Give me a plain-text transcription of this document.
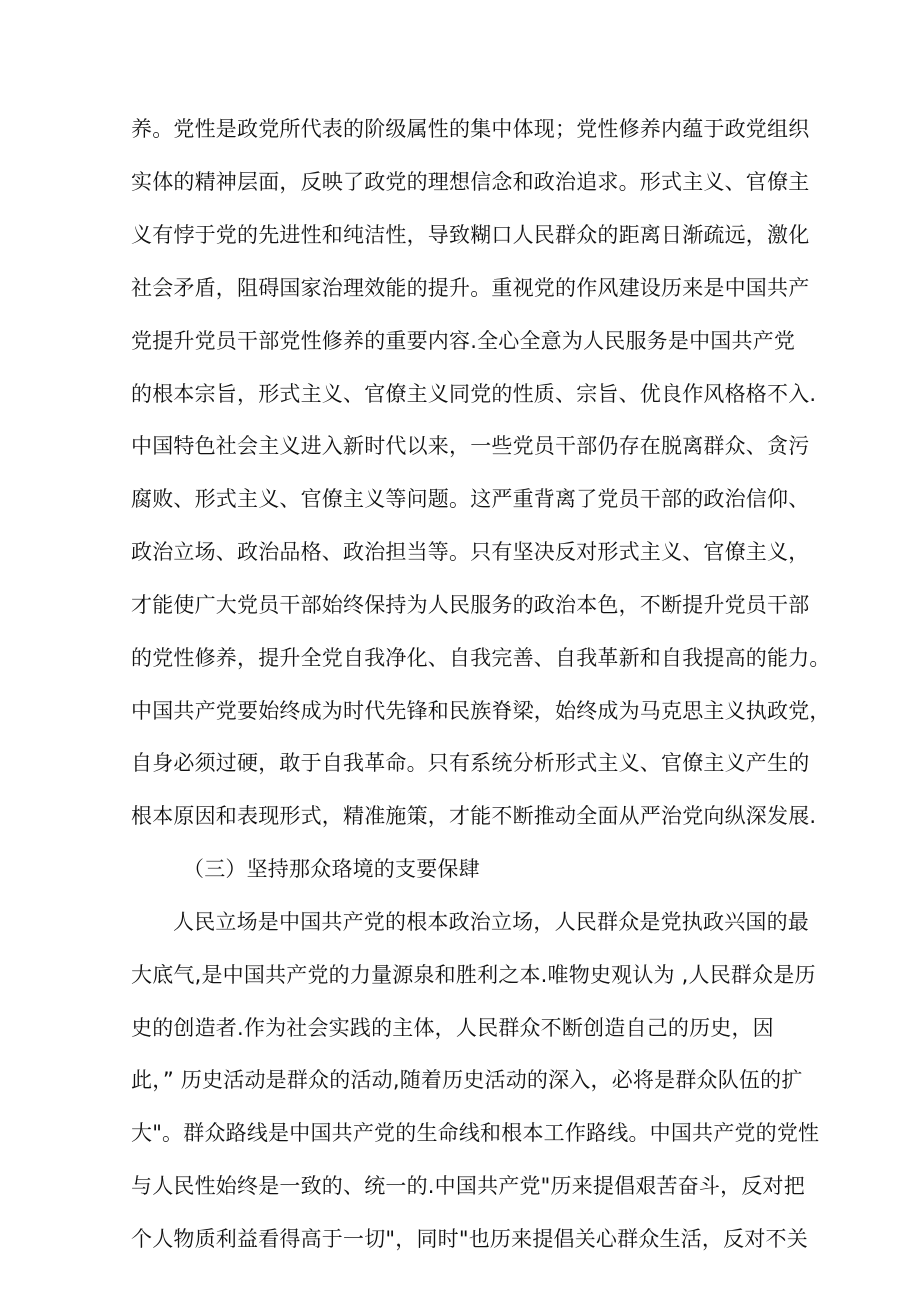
养。党性是政党所代表的阶级属性的集中体现；党性修养内蕴于政党组织
实体的精神层面，反映了政党的理想信念和政治追求。形式主义、官僚主
义有悖于党的先进性和纯洁性，导致糊口人民群众的距离日渐疏远，激化
社会矛盾，阻碍国家治理效能的提升。重视党的作风建设历来是中国共产
党提升党员干部党性修养的重要内容.全心全意为人民服务是中国共产党
的根本宗旨，形式主义、官僚主义同党的性质、宗旨、优良作风格格不入.
中国特色社会主义进入新时代以来，一些党员干部仍存在脱离群众、贪污
腐败、形式主义、官僚主义等问题。这严重背离了党员干部的政治信仰、
政治立场、政治品格、政治担当等。只有坚决反对形式主义、官僚主义，
才能使广大党员干部始终保持为人民服务的政治本色，不断提升党员干部
的党性修养，提升全党自我净化、自我完善、自我革新和自我提高的能力。
中国共产党要始终成为时代先锋和民族脊梁，始终成为马克思主义执政党，
自身必须过硬，敢于自我革命。只有系统分析形式主义、官僚主义产生的
根本原因和表现形式，精准施策，才能不断推动全面从严治党向纵深发展.
（三）坚持那众珞境的支要保肆
人民立场是中国共产党的根本政治立场，人民群众是党执政兴国的最
大底气,是中国共产党的力量源泉和胜利之本.唯物史观认为 ,人民群众是历
史的创造者.作为社会实践的主体，人民群众不断创造自己的历史，因
此，” 历史活动是群众的活动,随着历史活动的深入，必将是群众队伍的扩
大"。群众路线是中国共产党的生命线和根本工作路线。中国共产党的党性
与人民性始终是一致的、统一的.中国共产党"历来提倡艰苦奋斗，反对把
个人物质利益看得高于一切"，同时"也历来提倡关心群众生活，反对不关
